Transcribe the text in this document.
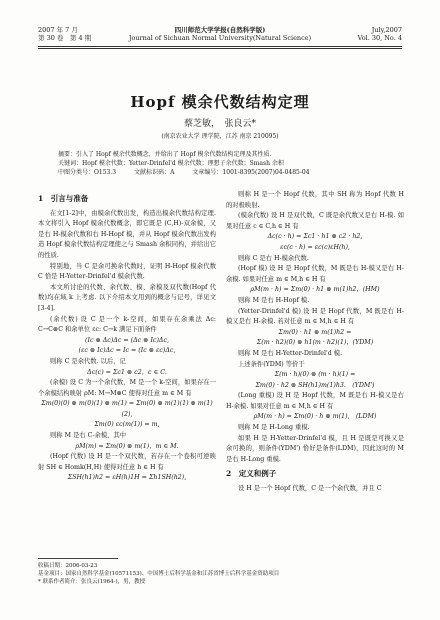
2007 年 7 月
第 30 卷　第 4 期
四川师范大学学报(自然科学版)
Journal of Sichuan Normal University(Natural Science)
July,2007
Vol. 30, No. 4
Hopf 模余代数结构定理
蔡芝敏，　张良云*
(南京农业大学 理学院，江苏 南京 210095)
摘要：引入了 Hopf 模余代数概念，并给出了 Hopf 模余代数结构定理及其性质.
关键词：Hopf 模余代数；Yetter-Drinfel'd 模余代数；理想子余代数；Smash 余积
中图分类号：O153.3　　　文献标识码：A　　　文章编号：1001-8395(2007)04-0485-04
1　引言与准备

在文[1-2]中，由模余代数出发，构造出模余代数结构定理. 本文将引入 Hopf 模余代数概念，即它既是 (C,H)-双余模，又是右 H-模余代数和右 H-Hopf 模，并从 Hopf 模余代数出发构造 Hopf 模余代数结构定理使之与 Smash 余积同构，并给出它的性质.

特别地，当 C 是余可换余代数时，证明 H-Hopf 模余代数 C 恰是 H-Yetter-Drinfel'd 模余代数.

本文所讨论的代数、余代数、模、余模及双代数(Hopf 代数)均在域 k 上考虑. 以下介绍本文用到的概念与记号，详见文[3-4].

(余代数) 设 C 是一个 k-空间，如果存在余乘法 Δc: C→C⊗C 和余单位 εc: C→k 满足下面条件

(Ic ⊗ Δc)Δc = (Δc ⊗ Ic)Δc,
(εc ⊗ Ic)Δc = Ic = (Ic ⊗ εc)Δc,

则称 C 是余代数. 以后，记

Δc(c) = Σc1 ⊗ c2，c ∈ C.

(余模) 设 C 为一个余代数，M 是一个 k-空间，如果存在一个余模结构映射 ρM: M→M⊗C 使得对任意 m ∈ M 有

Σm(0)(0) ⊗ m(0)(1) ⊗ m(1) = Σm(0) ⊗ m(1)(1) ⊗ m(1)(2),
Σm(0) εc(m(1)) = m,

则称 M 是右 C-余模，其中

ρM(m) = Σm(0) ⊗ m(1)，m ∈ M.

(Hopf 代数) 设 H 是一个双代数，若存在一个卷积可逆映射 SH ∈ Homk(H,H) 使得对任意 h ∈ H 有

ΣSH(h1)h2 = εH(h)1H = Σh1SH(h2),

则称 H 是一个 Hopf 代数，其中 SH 称为 Hopf 代数 H 的对极映射.

(模余代数) 设 H 是双代数，C 既是余代数又是右 H-模. 如果对任意 c ∈ C,h ∈ H 有

Δc(c · h) = Σc1 · h1 ⊗ c2 · h2,
εc(c · h) = εc(c)εH(h),

则称 C 是右 H-模余代数.

(Hopf 模) 设 H 是 Hopf 代数，M 既是右 H-模又是右 H-余模. 如果对任意 m ∈ M,h ∈ H 有

ρM(m · h) = Σm(0) · h1 ⊗ m(1)h2，(HM)

则称 M 是右 H-Hopf 模.

(Yetter-Drinfel'd 模) 设 H 是 Hopf 代数，M 既是右 H-模又是右 H-余模. 若对任意 m ∈ M,h ∈ H 有

Σm(0) · h1 ⊗ m(1)h2 =
Σ(m · h2)(0) ⊗ h1(m · h2)(1)，(YDM)

则称 M 是右 H-Yetter-Drinfel'd 模.

上述条件(YDM) 等价于

Σ(m · h)(0) ⊗ (m · h)(1) =
Σm(0) · h2 ⊗ SH(h1)m(1)h3.　(YDM')

(Long 重模) 设 H 是 Hopf 代数，M 既是右 H-模又是右 H-余模. 如果对任意 m ∈ M,h ∈ H 有

ρM(m · h) = Σm(0) · h ⊗ m(1),　(LDM)

则称 M 是 H-Long 重模.

如果 H 是 H-Yetter-Drinfel'd 模，且 H 是既是可换又是余可换的，则条件(YDM') 恰好是条件(LDM)，因此这时的 M 是右 H-Long 重模.

2　定义和例子

设 H 是一个 Hopf 代数，C 是一个余代数，并且 C

收稿日期：2006-03-23
基金项目：国家自然科学基金(10571153)、中国博士后科学基金和江苏省博士后科学基金资助项目
* 联系作者简介：张良云(1964-)，男，教授
